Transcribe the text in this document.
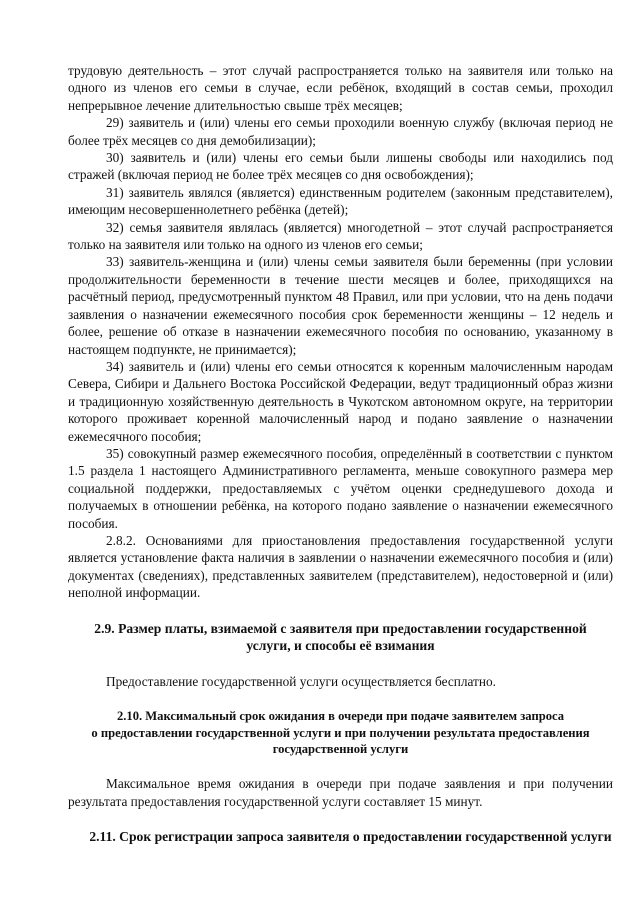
трудовую деятельность – этот случай распространяется только на заявителя или только на одного из членов его семьи в случае, если ребёнок, входящий в состав семьи, проходил непрерывное лечение длительностью свыше трёх месяцев;

29) заявитель и (или) члены его семьи проходили военную службу (включая период не более трёх месяцев со дня демобилизации);

30) заявитель и (или) члены его семьи были лишены свободы или находились под стражей (включая период не более трёх месяцев со дня освобождения);

31) заявитель являлся (является) единственным родителем (законным представителем), имеющим несовершеннолетнего ребёнка (детей);

32) семья заявителя являлась (является) многодетной – этот случай распространяется только на заявителя или только на одного из членов его семьи;

33) заявитель-женщина и (или) члены семьи заявителя были беременны (при условии продолжительности беременности в течение шести месяцев и более, приходящихся на расчётный период, предусмотренный пунктом 48 Правил, или при условии, что на день подачи заявления о назначении ежемесячного пособия срок беременности женщины – 12 недель и более, решение об отказе в назначении ежемесячного пособия по основанию, указанному в настоящем подпункте, не принимается);

34) заявитель и (или) члены его семьи относятся к коренным малочисленным народам Севера, Сибири и Дальнего Востока Российской Федерации, ведут традиционный образ жизни и традиционную хозяйственную деятельность в Чукотском автономном округе, на территории которого проживает коренной малочисленный народ и подано заявление о назначении ежемесячного пособия;

35) совокупный размер ежемесячного пособия, определённый в соответствии с пунктом 1.5 раздела 1 настоящего Административного регламента, меньше совокупного размера мер социальной поддержки, предоставляемых с учётом оценки среднедушевого дохода и получаемых в отношении ребёнка, на которого подано заявление о назначении ежемесячного пособия.

2.8.2. Основаниями для приостановления предоставления государственной услуги является установление факта наличия в заявлении о назначении ежемесячного пособия и (или) документах (сведениях), представленных заявителем (представителем), недостоверной и (или) неполной информации.

2.9. Размер платы, взимаемой с заявителя при предоставлении государственной услуги, и способы её взимания

Предоставление государственной услуги осуществляется бесплатно.

2.10. Максимальный срок ожидания в очереди при подаче заявителем запроса
о предоставлении государственной услуги и при получении результата предоставления
государственной услуги

Максимальное время ожидания в очереди при подаче заявления и при получении результата предоставления государственной услуги составляет 15 минут.

2.11. Срок регистрации запроса заявителя о предоставлении государственной услуги
